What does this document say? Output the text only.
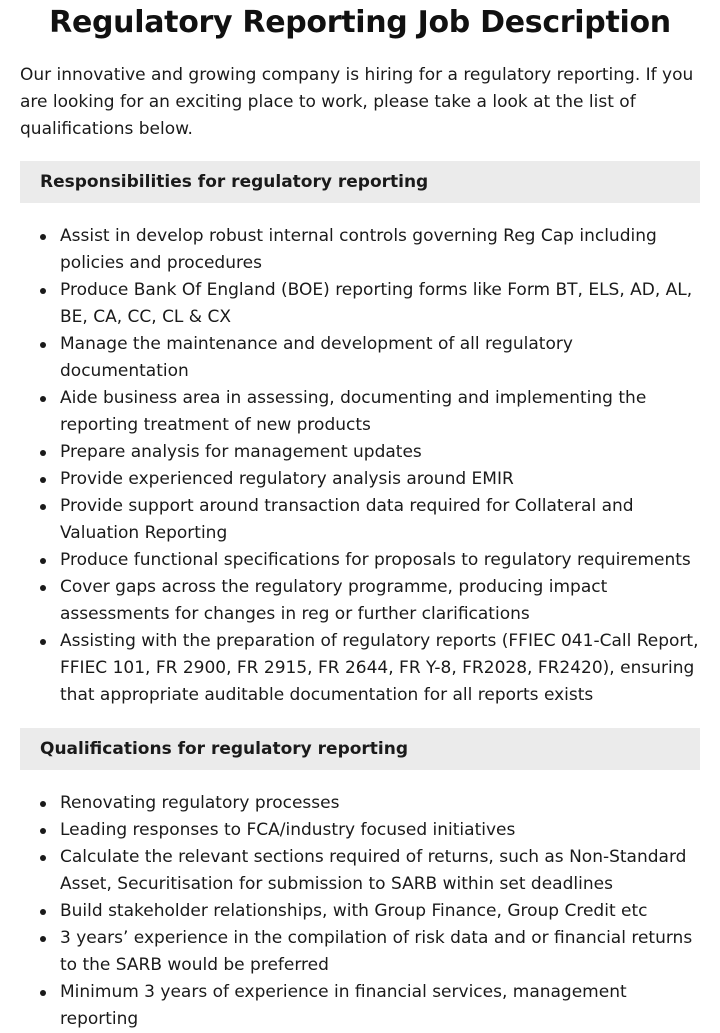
Regulatory Reporting Job Description

Our innovative and growing company is hiring for a regulatory reporting. If you are looking for an exciting place to work, please take a look at the list of qualifications below.

Responsibilities for regulatory reporting
Assist in develop robust internal controls governing Reg Cap including policies and procedures
Produce Bank Of England (BOE) reporting forms like Form BT, ELS, AD, AL, BE, CA, CC, CL & CX
Manage the maintenance and development of all regulatory documentation
Aide business area in assessing, documenting and implementing the reporting treatment of new products
Prepare analysis for management updates
Provide experienced regulatory analysis around EMIR
Provide support around transaction data required for Collateral and Valuation Reporting
Produce functional specifications for proposals to regulatory requirements
Cover gaps across the regulatory programme, producing impact assessments for changes in reg or further clarifications
Assisting with the preparation of regulatory reports (FFIEC 041-Call Report, FFIEC 101, FR 2900, FR 2915, FR 2644, FR Y-8, FR2028, FR2420), ensuring that appropriate auditable documentation for all reports exists
Qualifications for regulatory reporting
Renovating regulatory processes
Leading responses to FCA/industry focused initiatives
Calculate the relevant sections required of returns, such as Non-Standard Asset, Securitisation for submission to SARB within set deadlines
Build stakeholder relationships, with Group Finance, Group Credit etc
3 years’ experience in the compilation of risk data and or financial returns to the SARB would be preferred
Minimum 3 years of experience in financial services, management reporting
